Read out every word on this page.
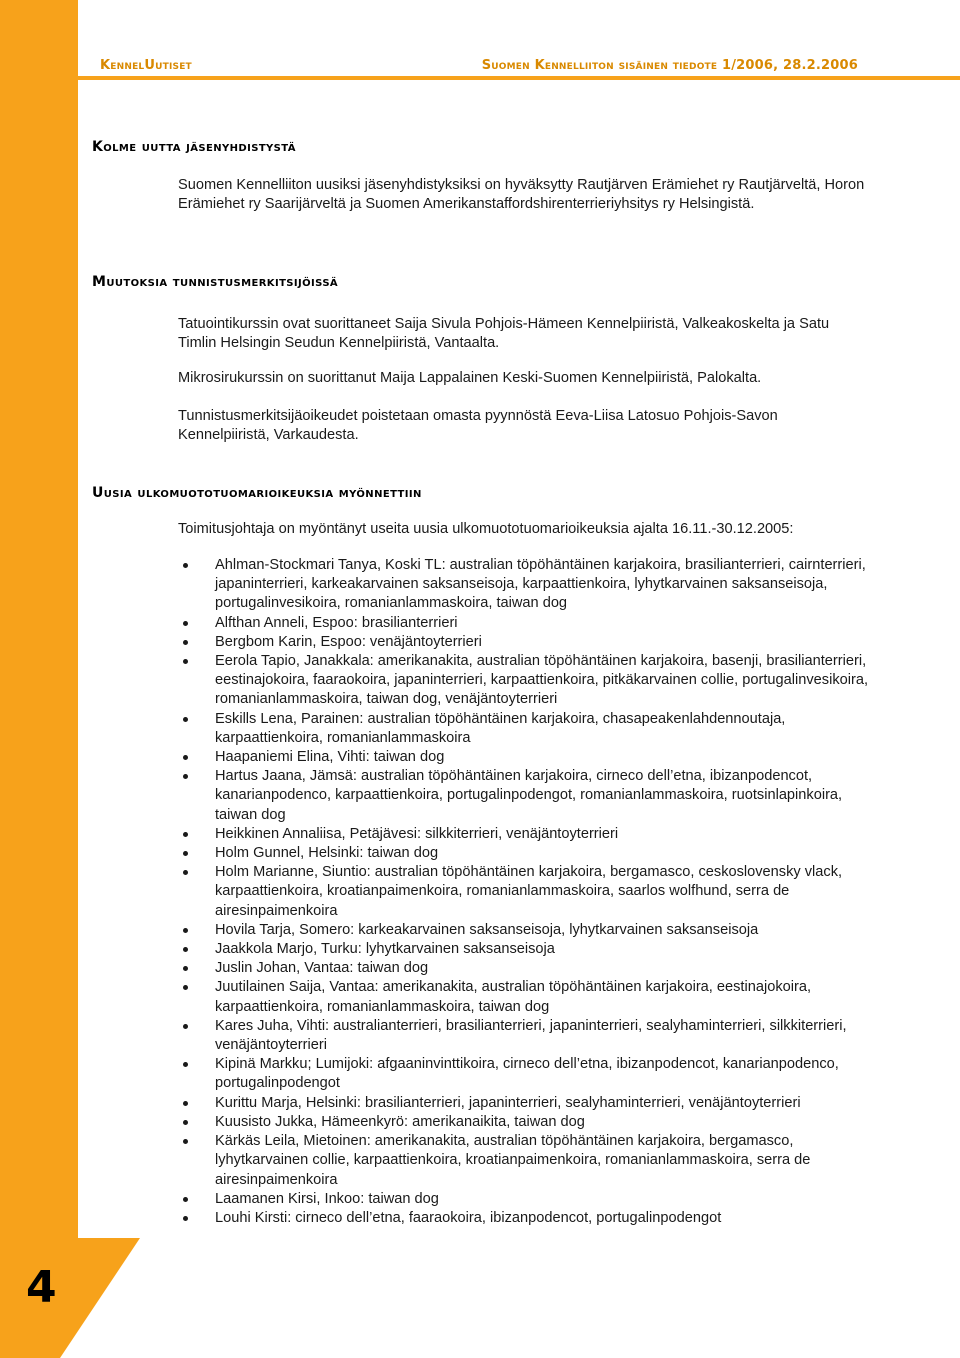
4
KennelUutiset	Suomen Kennelliiton sisäinen tiedote 1/2006, 28.2.2006
Kolme uutta jäsenyhdistystä

Suomen Kennelliiton uusiksi jäsenyhdistyksiksi on hyväksytty Rautjärven Erämiehet ry Rautjärveltä, Horon Erämiehet ry Saarijärveltä ja Suomen Amerikanstaffordshirenterrieriyhsitys ry Helsingistä.

Muutoksia tunnistusmerkitsijöissä

Tatuointikurssin ovat suorittaneet Saija Sivula Pohjois-Hämeen Kennelpiiristä, Valkeakoskelta ja Satu Timlin Helsingin Seudun Kennelpiiristä, Vantaalta.

Mikrosirukurssin on suorittanut Maija Lappalainen Keski-Suomen Kennelpiiristä, Palokalta.

Tunnistusmerkitsijäoikeudet poistetaan omasta pyynnöstä Eeva-Liisa Latosuo Pohjois-Savon Kennelpiiristä, Varkaudesta.

Uusia ulkomuototuomarioikeuksia myönnettiin

Toimitusjohtaja on myöntänyt useita uusia ulkomuototuomarioikeuksia ajalta 16.11.-30.12.2005:

Ahlman-Stockmari Tanya, Koski TL: australian töpöhäntäinen karjakoira, brasilianterrieri, cairnterrieri, japaninterrieri, karkeakarvainen saksanseisoja, karpaattienkoira, lyhytkarvainen saksanseisoja, portugalinvesikoira, romanianlammaskoira, taiwan dog
Alfthan Anneli, Espoo: brasilianterrieri
Bergbom Karin, Espoo: venäjäntoyterrieri
Eerola Tapio, Janakkala: amerikanakita, australian töpöhäntäinen karjakoira, basenji, brasilianterrieri, eestinajokoira, faaraokoira, japaninterrieri, karpaattienkoira, pitkäkarvainen collie, portugalinvesikoira, romanianlammaskoira, taiwan dog, venäjäntoyterrieri
Eskills Lena, Parainen: australian töpöhäntäinen karjakoira, chasapeakenlahdennoutaja, karpaattienkoira, romanianlammaskoira
Haapaniemi Elina, Vihti: taiwan dog
Hartus Jaana, Jämsä: australian töpöhäntäinen karjakoira, cirneco dell’etna, ibizanpodencot, kanarianpodenco, karpaattienkoira, portugalinpodengot, romanianlammaskoira, ruotsinlapinkoira, taiwan dog
Heikkinen Annaliisa, Petäjävesi: silkkiterrieri, venäjäntoyterrieri
Holm Gunnel, Helsinki: taiwan dog
Holm Marianne, Siuntio: australian töpöhäntäinen karjakoira, bergamasco, ceskoslovensky vlack, karpaattienkoira, kroatianpaimenkoira, romanianlammaskoira, saarlos wolfhund, serra de airesinpaimenkoira
Hovila Tarja, Somero: karkeakarvainen saksanseisoja, lyhytkarvainen saksanseisoja
Jaakkola Marjo, Turku: lyhytkarvainen saksanseisoja
Juslin Johan, Vantaa: taiwan dog
Juutilainen Saija, Vantaa: amerikanakita, australian töpöhäntäinen karjakoira, eestinajokoira, karpaattienkoira, romanianlammaskoira, taiwan dog
Kares Juha, Vihti: australianterrieri, brasilianterrieri, japaninterrieri, sealyhaminterrieri, silkkiterrieri, venäjäntoyterrieri
Kipinä Markku; Lumijoki: afgaaninvinttikoira, cirneco dell’etna, ibizanpodencot, kanarianpodenco, portugalinpodengot
Kurittu Marja, Helsinki: brasilianterrieri, japaninterrieri, sealyhaminterrieri, venäjäntoyterrieri
Kuusisto Jukka, Hämeenkyrö: amerikanaikita, taiwan dog
Kärkäs Leila, Mietoinen: amerikanakita, australian töpöhäntäinen karjakoira, bergamasco, lyhytkarvainen collie, karpaattienkoira, kroatianpaimenkoira, romanianlammaskoira, serra de airesinpaimenkoira
Laamanen Kirsi, Inkoo: taiwan dog
Louhi Kirsti: cirneco dell’etna, faaraokoira, ibizanpodencot, portugalinpodengot
